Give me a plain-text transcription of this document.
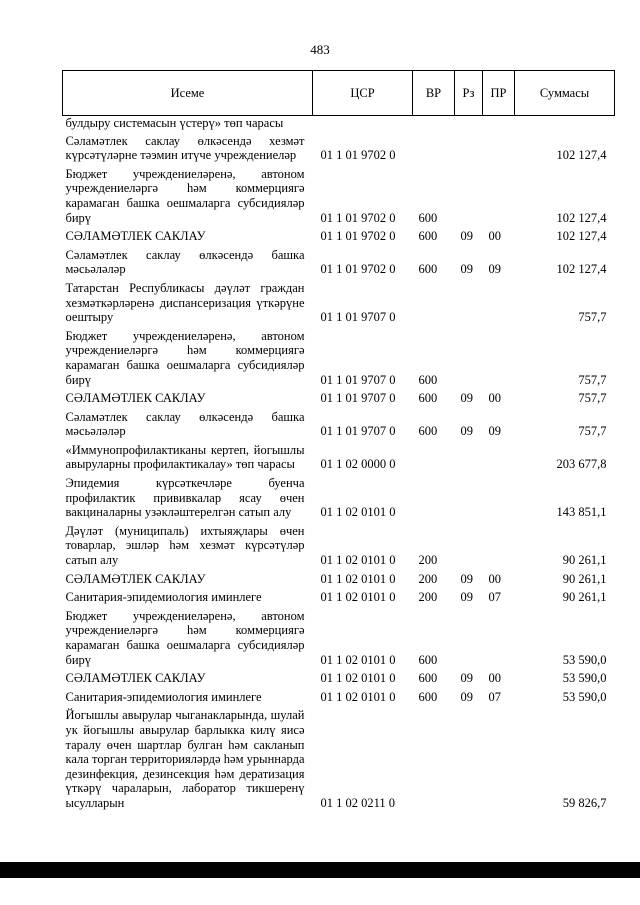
483
Исеме	ЦСР	ВР	Рз	ПР	Суммасы
булдыру системасын үстерү» төп чарасы					
Сәламәтлек саклау өлкәсендә хезмәт күрсәтүләрне тәэмин итүче учреждениеләр	01 1 01 9702 0				102 127,4
Бюджет учреждениеләренә, автоном учреждениеләргә һәм коммерциягә карамаган башка оешмаларга субсидияләр бирү	01 1 01 9702 0	600			102 127,4
СӘЛАМӘТЛЕК САКЛАУ	01 1 01 9702 0	600	09	00	102 127,4
Сәламәтлек саклау өлкәсендә башка мәсьәләләр	01 1 01 9702 0	600	09	09	102 127,4
Татарстан Республикасы дәүләт граждан хезмәткәрләренә диспансеризация үткәрүне оештыру	01 1 01 9707 0				757,7
Бюджет учреждениеләренә, автоном учреждениеләргә һәм коммерциягә карамаган башка оешмаларга субсидияләр бирү	01 1 01 9707 0	600			757,7
СӘЛАМӘТЛЕК САКЛАУ	01 1 01 9707 0	600	09	00	757,7
Сәламәтлек саклау өлкәсендә башка мәсьәләләр	01 1 01 9707 0	600	09	09	757,7
«Иммунопрофилактиканы кертеп, йогышлы авыруларны профилактикалау» төп чарасы	01 1 02 0000 0				203 677,8
Эпидемия күрсәткечләре буенча профилактик прививкалар ясау өчен вакциналарны узәкләштерелгән сатып алу	01 1 02 0101 0				143 851,1
Дәүләт (муниципаль) ихтыяҗлары өчен товарлар, эшләр һәм хезмәт күрсәтүләр сатып алу	01 1 02 0101 0	200			90 261,1
СӘЛАМӘТЛЕК САКЛАУ	01 1 02 0101 0	200	09	00	90 261,1
Санитария-эпидемиология иминлеге	01 1 02 0101 0	200	09	07	90 261,1
Бюджет учреждениеләренә, автоном учреждениеләргә һәм коммерциягә карамаган башка оешмаларга субсидияләр бирү	01 1 02 0101 0	600			53 590,0
СӘЛАМӘТЛЕК САКЛАУ	01 1 02 0101 0	600	09	00	53 590,0
Санитария-эпидемиология иминлеге	01 1 02 0101 0	600	09	07	53 590,0
Йогышлы авырулар чыганакларында, шулай ук йогышлы авырулар барлыкка килү яисә таралу өчен шартлар булган һәм сакланып кала торган территорияләрдә һәм урыннарда дезинфекция, дезинсекция һәм дератизация үткәрү чараларын, лаборатор тикшеренү ысулларын	01 1 02 0211 0				59 826,7
